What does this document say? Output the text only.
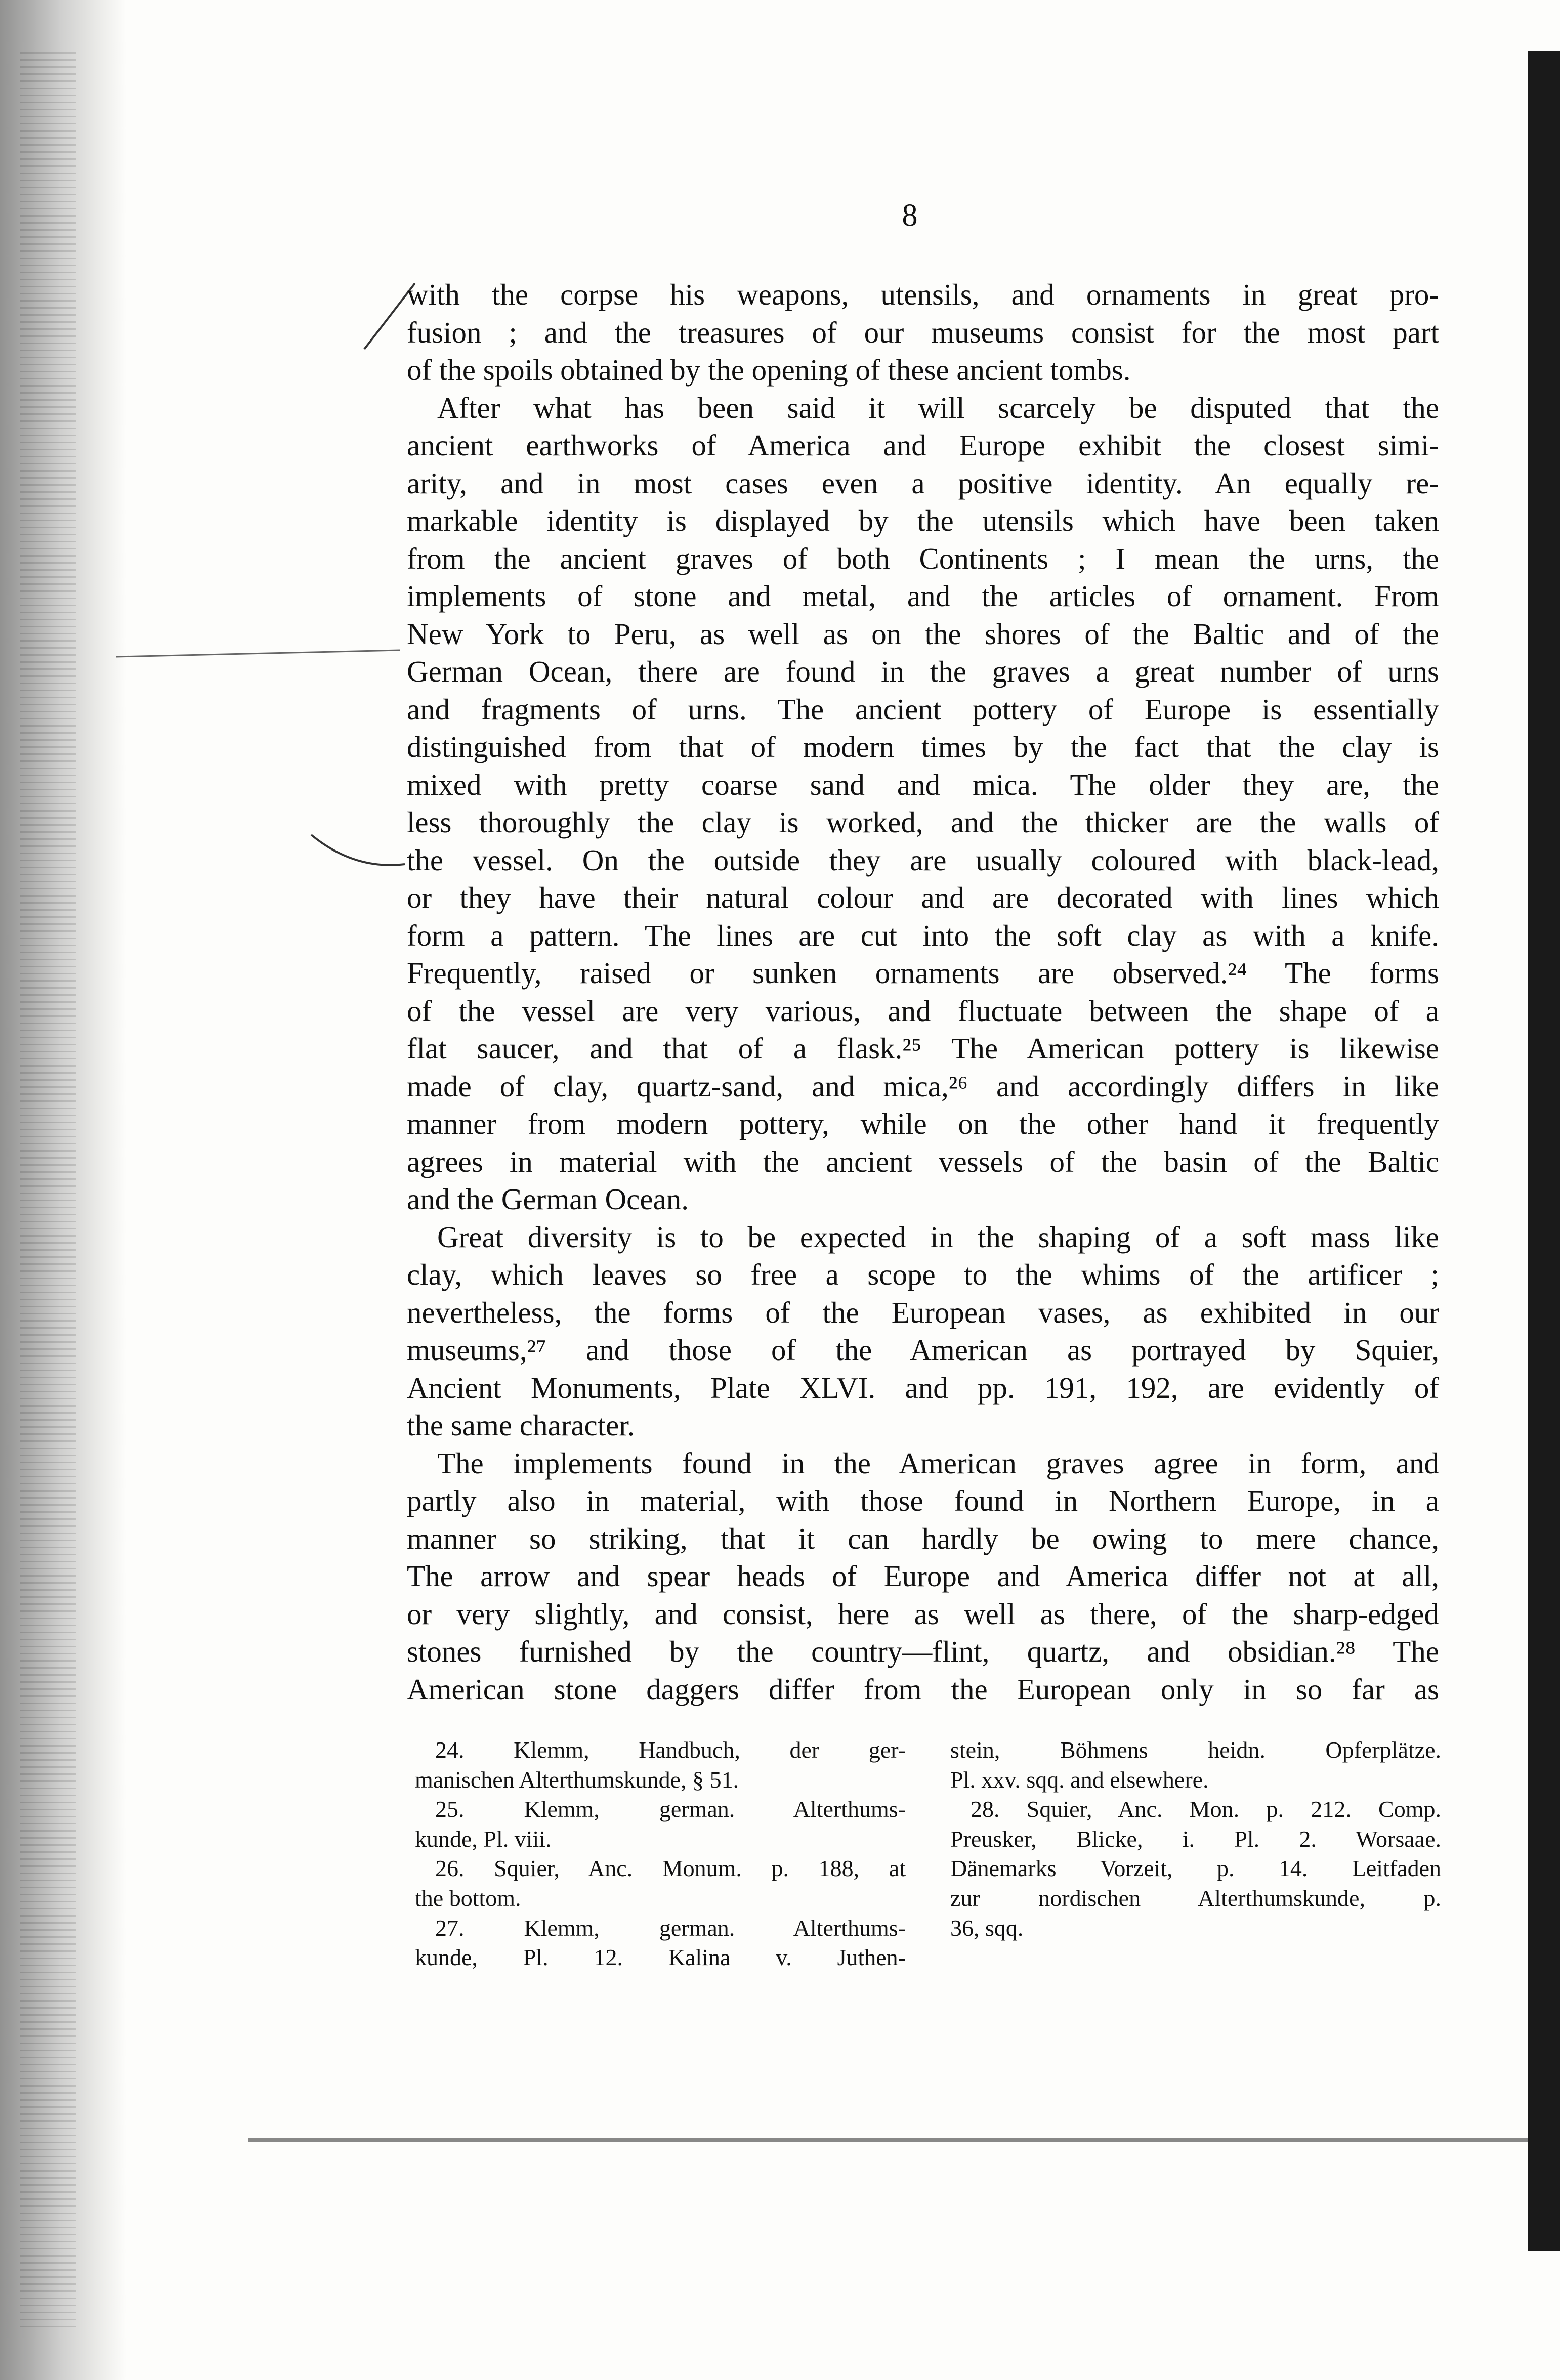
8
with the corpse his weapons, utensils, and ornaments in great pro-
fusion ; and the treasures of our museums consist for the most part
of the spoils obtained by the opening of these ancient tombs.
After what has been said it will scarcely be disputed that the
ancient earthworks of America and Europe exhibit the closest simi-
arity, and in most cases even a positive identity. An equally re-
markable identity is displayed by the utensils which have been taken
from the ancient graves of both Continents ; I mean the urns, the
implements of stone and metal, and the articles of ornament. From
New York to Peru, as well as on the shores of the Baltic and of the
German Ocean, there are found in the graves a great number of urns
and fragments of urns. The ancient pottery of Europe is essentially
distinguished from that of modern times by the fact that the clay is
mixed with pretty coarse sand and mica. The older they are, the
less thoroughly the clay is worked, and the thicker are the walls of
the vessel. On the outside they are usually coloured with black-lead,
or they have their natural colour and are decorated with lines which
form a pattern. The lines are cut into the soft clay as with a knife.
Frequently, raised or sunken ornaments are observed.²⁴ The forms
of the vessel are very various, and fluctuate between the shape of a
flat saucer, and that of a flask.²⁵ The American pottery is likewise
made of clay, quartz-sand, and mica,²⁶ and accordingly differs in like
manner from modern pottery, while on the other hand it frequently
agrees in material with the ancient vessels of the basin of the Baltic
and the German Ocean.
Great diversity is to be expected in the shaping of a soft mass like
clay, which leaves so free a scope to the whims of the artificer ;
nevertheless, the forms of the European vases, as exhibited in our
museums,²⁷ and those of the American as portrayed by Squier,
Ancient Monuments, Plate XLVI. and pp. 191, 192, are evidently of
the same character.
The implements found in the American graves agree in form, and
partly also in material, with those found in Northern Europe, in a
manner so striking, that it can hardly be owing to mere chance,
The arrow and spear heads of Europe and America differ not at all,
or very slightly, and consist, here as well as there, of the sharp-edged
stones furnished by the country—flint, quartz, and obsidian.²⁸ The
American stone daggers differ from the European only in so far as
24. Klemm, Handbuch, der ger-
manischen Alterthumskunde, § 51.
25. Klemm, german. Alterthums-
kunde, Pl. viii.
26. Squier, Anc. Monum. p. 188, at
the bottom.
27. Klemm, german. Alterthums-
kunde, Pl. 12. Kalina v. Juthen-
stein, Böhmens heidn. Opferplätze.
Pl. xxv. sqq. and elsewhere.
28. Squier, Anc. Mon. p. 212. Comp.
Preusker, Blicke, i. Pl. 2. Worsaae.
Dänemarks Vorzeit, p. 14. Leitfaden
zur nordischen Alterthumskunde, p.
36, sqq.
